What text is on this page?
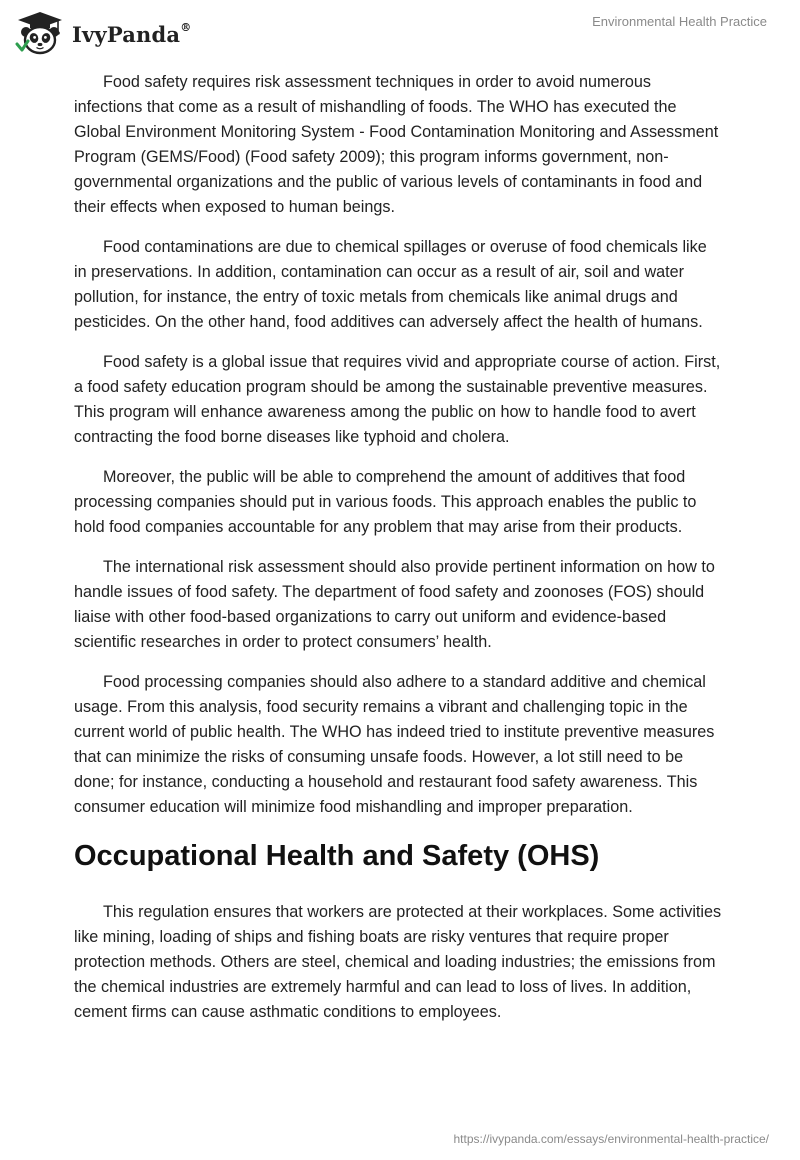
IvyPanda®	Environmental Health Practice

Food safety requires risk assessment techniques in order to avoid numerous infections that come as a result of mishandling of foods. The WHO has executed the Global Environment Monitoring System - Food Contamination Monitoring and Assessment Program (GEMS/Food) (Food safety 2009); this program informs government, non-governmental organizations and the public of various levels of contaminants in food and their effects when exposed to human beings.

Food contaminations are due to chemical spillages or overuse of food chemicals like in preservations. In addition, contamination can occur as a result of air, soil and water pollution, for instance, the entry of toxic metals from chemicals like animal drugs and pesticides. On the other hand, food additives can adversely affect the health of humans.

Food safety is a global issue that requires vivid and appropriate course of action. First, a food safety education program should be among the sustainable preventive measures. This program will enhance awareness among the public on how to handle food to avert contracting the food borne diseases like typhoid and cholera.

Moreover, the public will be able to comprehend the amount of additives that food processing companies should put in various foods. This approach enables the public to hold food companies accountable for any problem that may arise from their products.

The international risk assessment should also provide pertinent information on how to handle issues of food safety. The department of food safety and zoonoses (FOS) should liaise with other food-based organizations to carry out uniform and evidence-based scientific researches in order to protect consumers’ health.

Food processing companies should also adhere to a standard additive and chemical usage. From this analysis, food security remains a vibrant and challenging topic in the current world of public health. The WHO has indeed tried to institute preventive measures that can minimize the risks of consuming unsafe foods. However, a lot still need to be done; for instance, conducting a household and restaurant food safety awareness. This consumer education will minimize food mishandling and improper preparation.

Occupational Health and Safety (OHS)

This regulation ensures that workers are protected at their workplaces. Some activities like mining, loading of ships and fishing boats are risky ventures that require proper protection methods. Others are steel, chemical and loading industries; the emissions from the chemical industries are extremely harmful and can lead to loss of lives. In addition, cement firms can cause asthmatic conditions to employees.

https://ivypanda.com/essays/environmental-health-practice/
